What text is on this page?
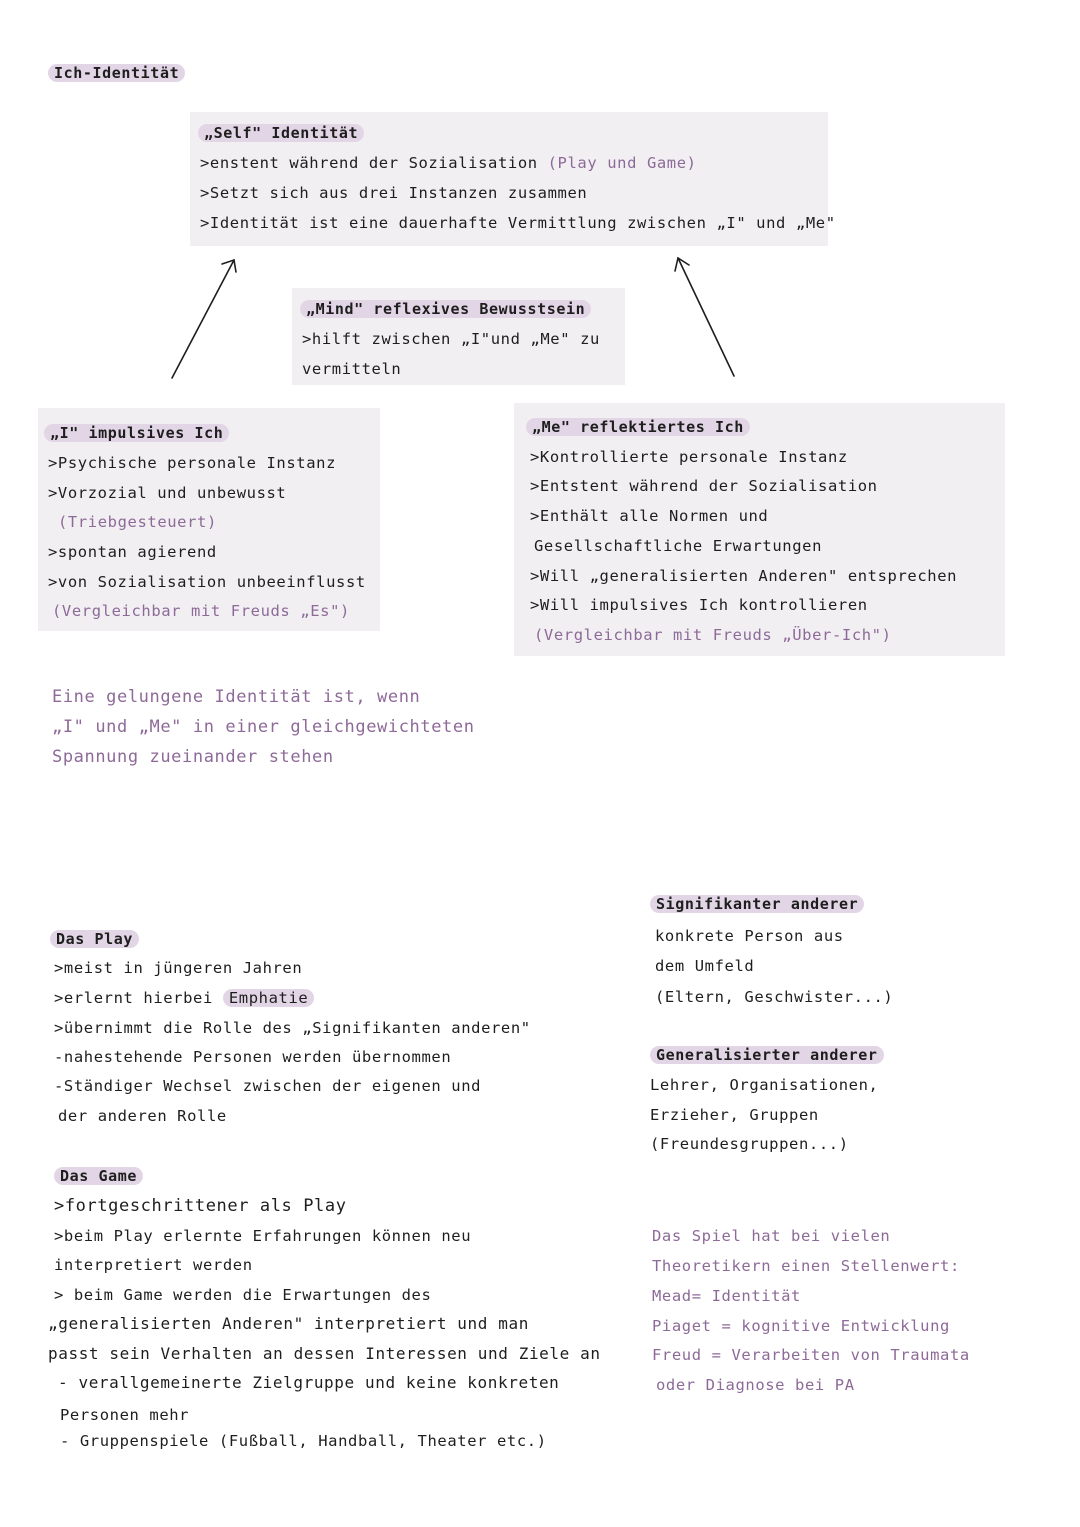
Ich-Identität
„Self" Identität
>enstent während der Sozialisation (Play und Game)
>Setzt sich aus drei Instanzen zusammen
>Identität ist eine dauerhafte Vermittlung zwischen „I" und „Me"
„Mind" reflexives Bewusstsein
>hilft zwischen „I"und „Me" zu
vermitteln
„I" impulsives Ich
>Psychische personale Instanz
>Vorzozial und unbewusst
(Triebgesteuert)
>spontan agierend
>von Sozialisation unbeeinflusst
(Vergleichbar mit Freuds „Es")
„Me" reflektiertes Ich
>Kontrollierte personale Instanz
>Entstent während der Sozialisation
>Enthält alle Normen und
Gesellschaftliche Erwartungen
>Will „generalisierten Anderen" entsprechen
>Will impulsives Ich kontrollieren
(Vergleichbar mit Freuds „Über-Ich")
Eine gelungene Identität ist, wenn
„I" und „Me" in einer gleichgewichteten
Spannung zueinander stehen
Das Play
>meist in jüngeren Jahren
>erlernt hierbei Emphatie
>übernimmt die Rolle des „Signifikanten anderen"
-nahestehende Personen werden übernommen
-Ständiger Wechsel zwischen der eigenen und
der anderen Rolle
Das Game
>fortgeschrittener als Play
>beim Play erlernte Erfahrungen können neu
interpretiert werden
> beim Game werden die Erwartungen des
„generalisierten Anderen" interpretiert und man
passt sein Verhalten an dessen Interessen und Ziele an
- verallgemeinerte Zielgruppe und keine konkreten
Personen mehr
- Gruppenspiele (Fußball, Handball, Theater etc.)
Signifikanter anderer
konkrete Person aus
dem Umfeld
(Eltern, Geschwister...)
Generalisierter anderer
Lehrer, Organisationen,
Erzieher, Gruppen
(Freundesgruppen...)
Das Spiel hat bei vielen
Theoretikern einen Stellenwert:
Mead= Identität
Piaget = kognitive Entwicklung
Freud = Verarbeiten von Traumata
oder Diagnose bei PA
